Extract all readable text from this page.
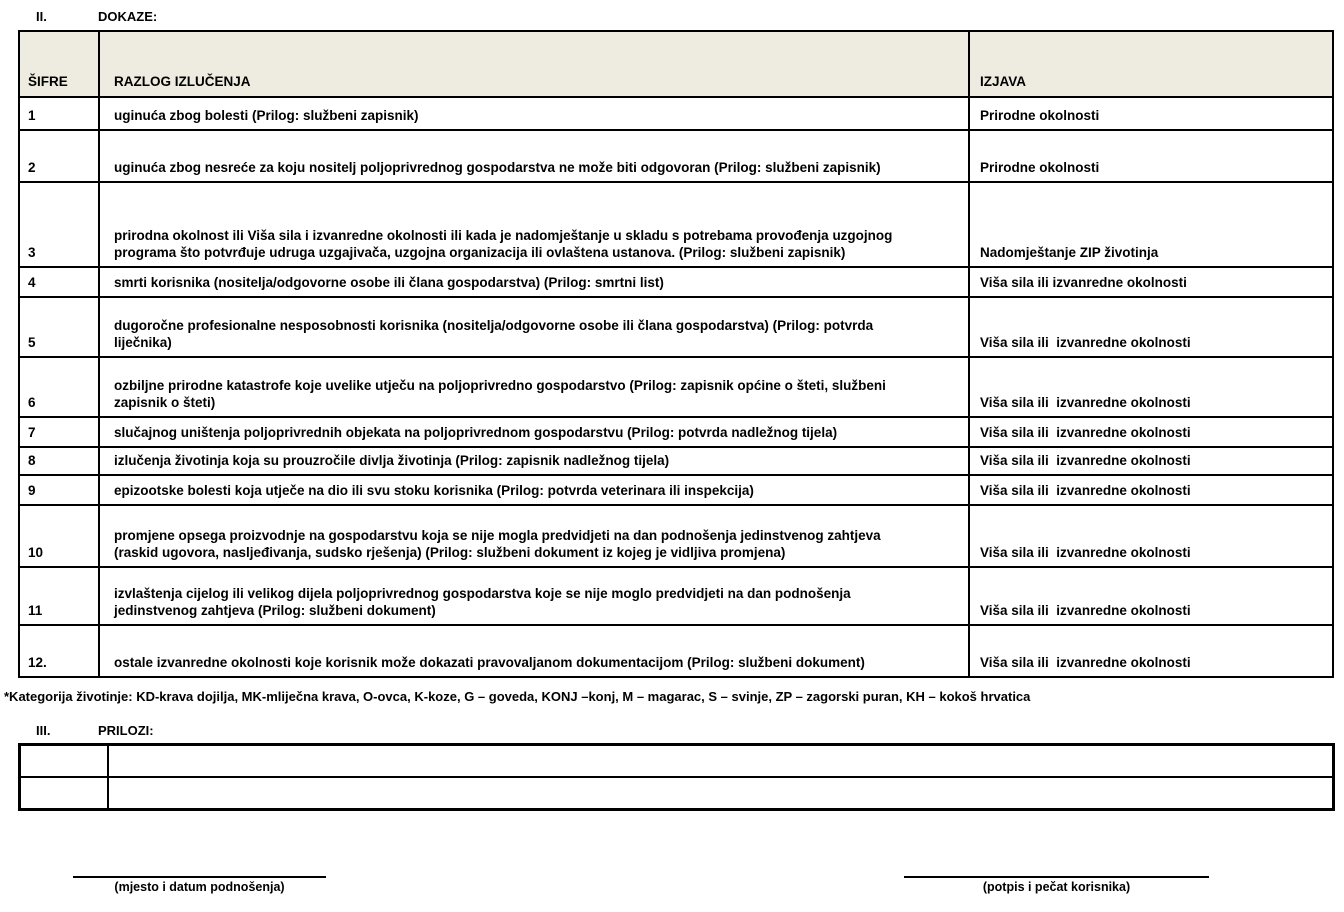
II.	DOKAZE:
ŠIFRE	RAZLOG IZLUČENJA	IZJAVA
1	uginuća zbog bolesti (Prilog: službeni zapisnik)	Prirodne okolnosti
2	uginuća zbog nesreće za koju nositelj poljoprivrednog gospodarstva ne može biti odgovoran (Prilog: službeni zapisnik)	Prirodne okolnosti
3	prirodna okolnost ili Viša sila i izvanredne okolnosti ili kada je nadomještanje u skladu s potrebama provođenja uzgojnog programa što potvrđuje udruga uzgajivača, uzgojna organizacija ili ovlaštena ustanova. (Prilog: službeni zapisnik)	Nadomještanje ZIP životinja
4	smrti korisnika (nositelja/odgovorne osobe ili člana gospodarstva) (Prilog: smrtni list)	Viša sila ili izvanredne okolnosti
5	dugoročne profesionalne nesposobnosti korisnika (nositelja/odgovorne osobe ili člana gospodarstva) (Prilog: potvrda liječnika)	Viša sila ili  izvanredne okolnosti
6	ozbiljne prirodne katastrofe koje uvelike utječu na poljoprivredno gospodarstvo (Prilog: zapisnik općine o šteti, službeni zapisnik o šteti)	Viša sila ili  izvanredne okolnosti
7	slučajnog uništenja poljoprivrednih objekata na poljoprivrednom gospodarstvu (Prilog: potvrda nadležnog tijela)	Viša sila ili  izvanredne okolnosti
8	izlučenja životinja koja su prouzročile divlja životinja (Prilog: zapisnik nadležnog tijela)	Viša sila ili  izvanredne okolnosti
9	epizootske bolesti koja utječe na dio ili svu stoku korisnika (Prilog: potvrda veterinara ili inspekcija)	Viša sila ili  izvanredne okolnosti
10	promjene opsega proizvodnje na gospodarstvu koja se nije mogla predvidjeti na dan podnošenja jedinstvenog zahtjeva (raskid ugovora, nasljeđivanja, sudsko rješenja) (Prilog: službeni dokument iz kojeg je vidljiva promjena)	Viša sila ili  izvanredne okolnosti
11	izvlaštenja cijelog ili velikog dijela poljoprivrednog gospodarstva koje se nije moglo predvidjeti na dan podnošenja jedinstvenog zahtjeva (Prilog: službeni dokument)	Viša sila ili  izvanredne okolnosti
12.	ostale izvanredne okolnosti koje korisnik može dokazati pravovaljanom dokumentacijom (Prilog: službeni dokument)	Viša sila ili  izvanredne okolnosti
*Kategorija životinje: KD-krava dojilja, MK-mliječna krava, O-ovca, K-koze, G – goveda, KONJ –konj, M – magarac, S – svinje, ZP – zagorski puran, KH – kokoš hrvatica
III.	PRILOZI:

(mjesto i datum podnošenja)	(potpis i pečat korisnika)
